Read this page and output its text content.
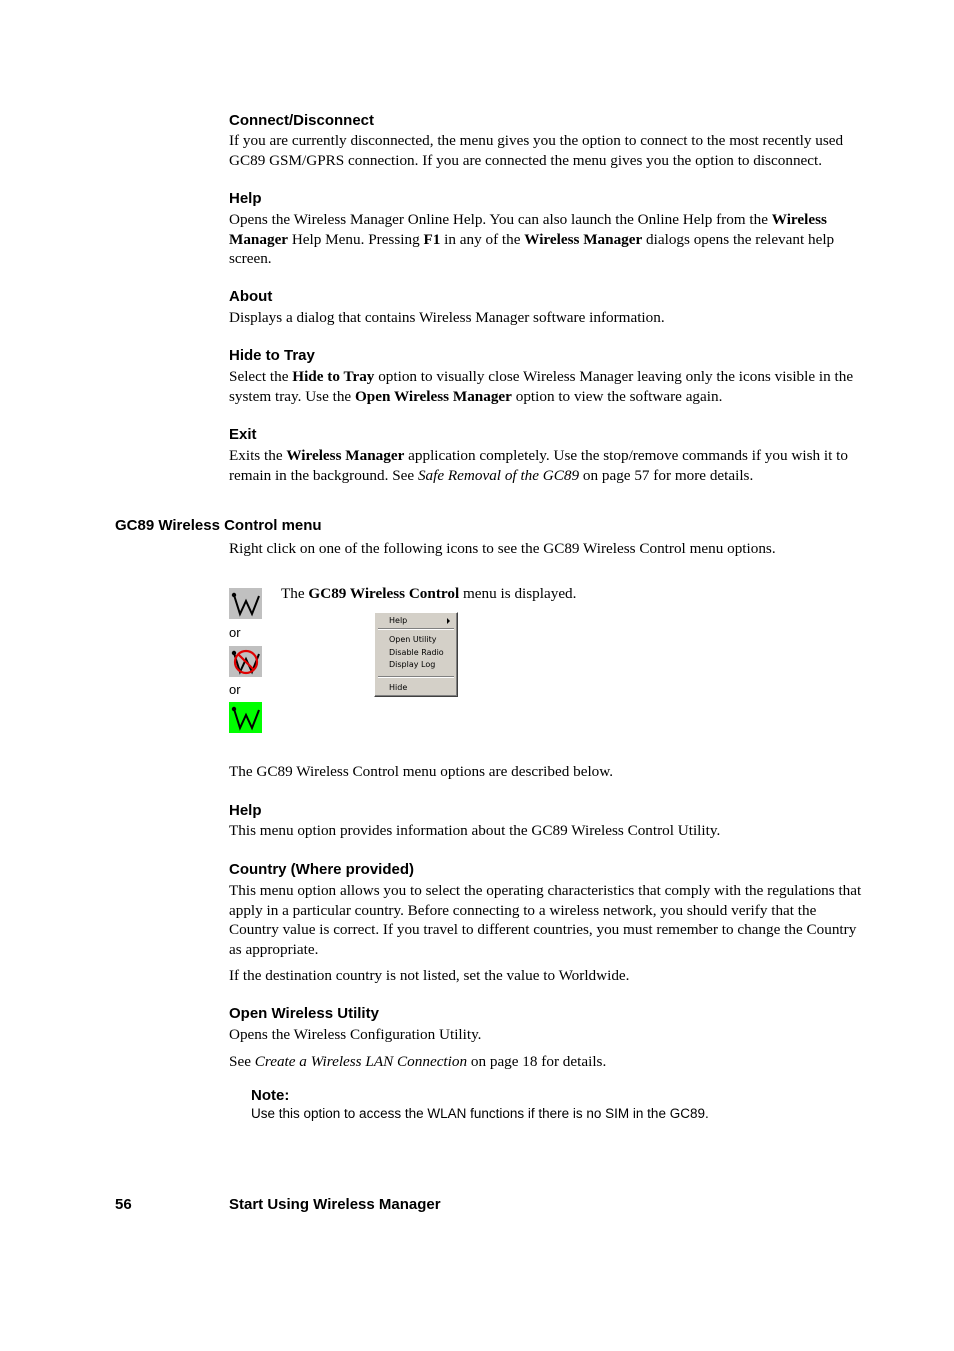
Connect/Disconnect

If you are currently disconnected, the menu gives you the option to connect to the most recently used GC89 GSM/GPRS connection. If you are connected the menu gives you the option to disconnect.

Help

Opens the Wireless Manager Online Help. You can also launch the Online Help from the Wireless Manager Help Menu. Pressing F1 in any of the Wireless Manager dialogs opens the relevant help screen.

About

Displays a dialog that contains Wireless Manager software information.

Hide to Tray

Select the Hide to Tray option to visually close Wireless Manager leaving only the icons visible in the system tray. Use the Open Wireless Manager option to view the software again.

Exit

Exits the Wireless Manager application completely. Use the stop/remove commands if you wish it to remain in the background. See Safe Removal of the GC89 on page 57 for more details.

GC89 Wireless Control menu

Right click on one of the following icons to see the GC89 Wireless Control menu options.

or
or

The GC89 Wireless Control menu is displayed.

Help
Open Utility
Disable Radio
Display Log
Hide

The GC89 Wireless Control menu options are described below.

Help

This menu option provides information about the GC89 Wireless Control Utility.

Country (Where provided)

This menu option allows you to select the operating characteristics that comply with the regulations that apply in a particular country. Before connecting to a wireless network, you should verify that the Country value is correct. If you travel to different countries, you must remember to change the Country as appropriate.

If the destination country is not listed, set the value to Worldwide.

Open Wireless Utility

Opens the Wireless Configuration Utility.

See Create a Wireless LAN Connection on page 18 for details.

Note:

Use this option to access the WLAN functions if there is no SIM in the GC89.

56	Start Using Wireless Manager
